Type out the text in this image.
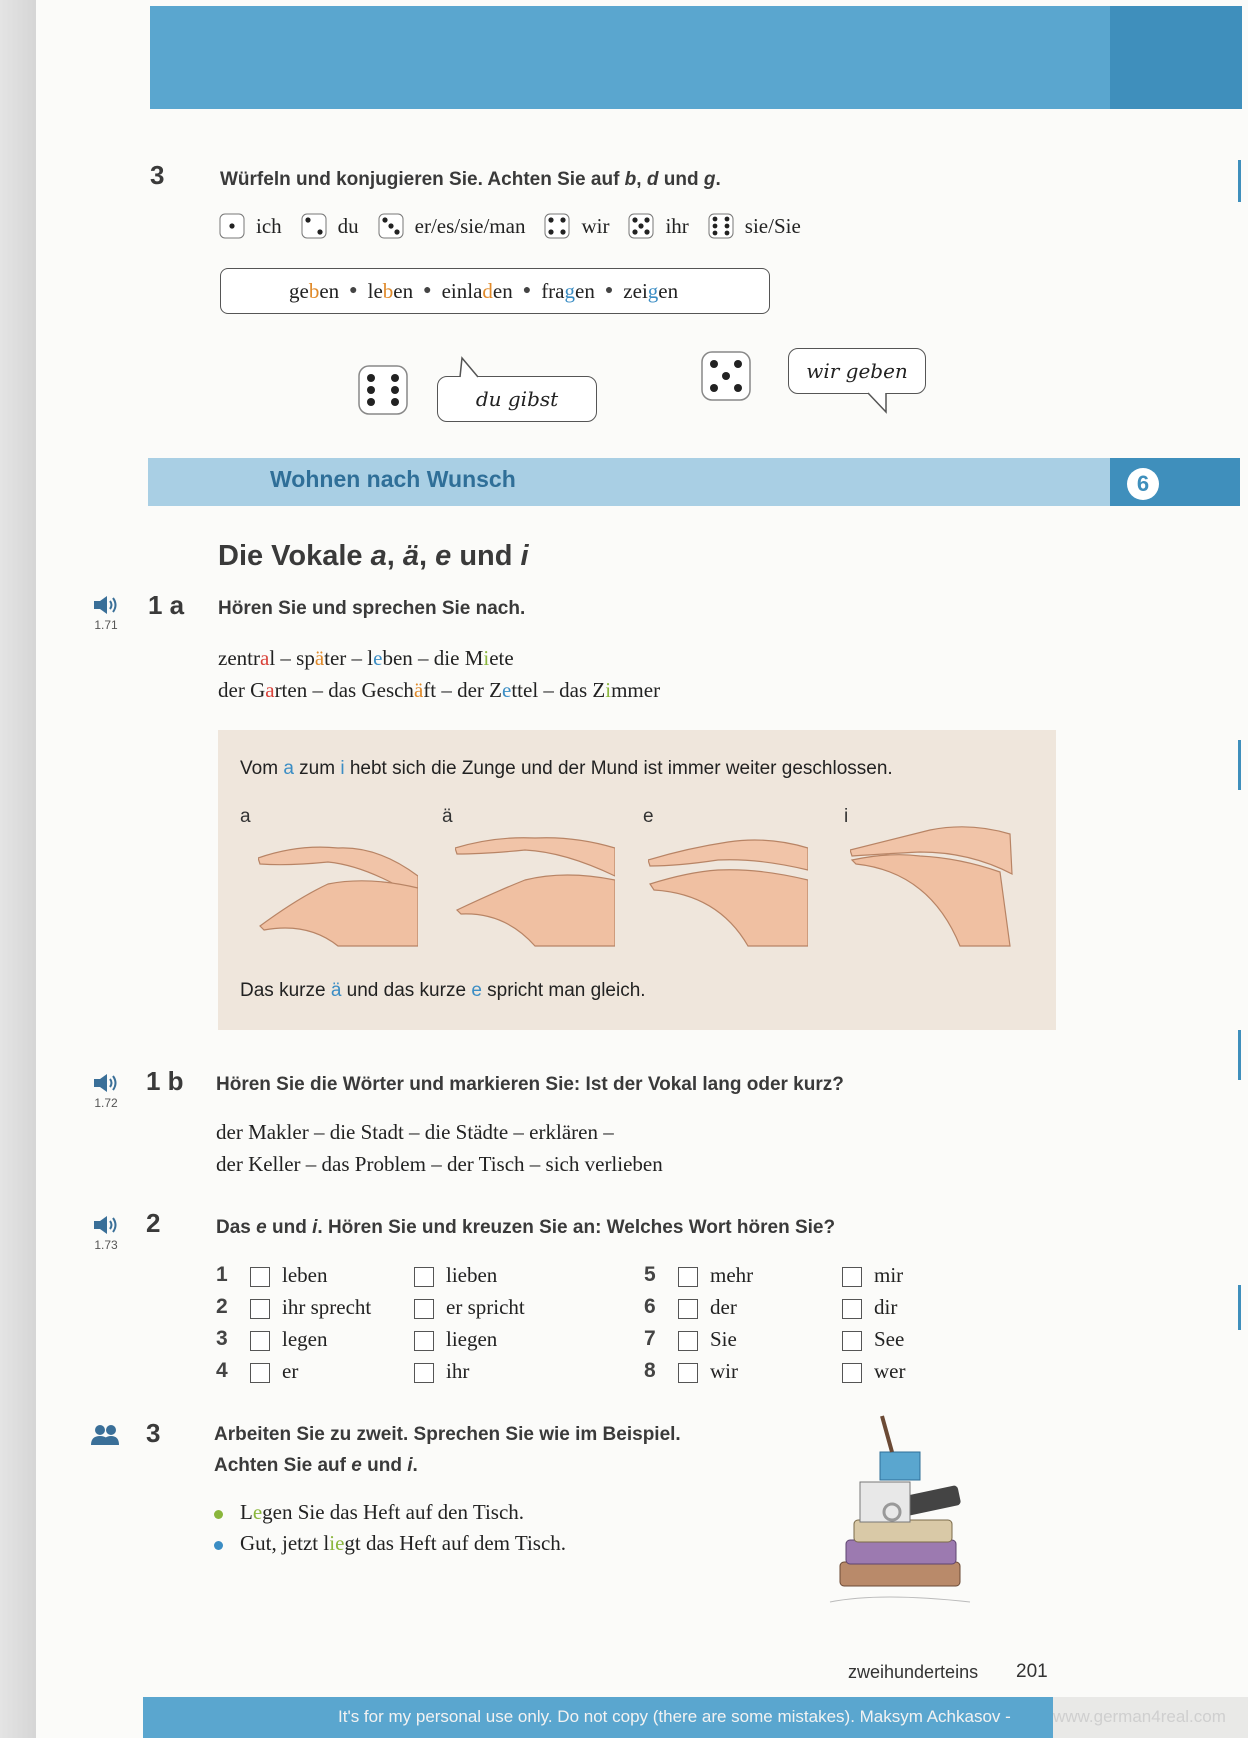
3	Würfeln und konjugieren Sie. Achten Sie auf b, d und g.
ich	du	er/es/sie/man	wir	ihr	sie/Sie
geben ● leben ● einladen ● fragen ● zeigen
du gibst
wir geben
Wohnen nach Wunsch	6
Die Vokale a, ä, e und i
1.71
1 a Hören Sie und sprechen Sie nach.
zentral – später – leben – die Miete
der Garten – das Geschäft – der Zettel – das Zimmer
Vom a zum i hebt sich die Zunge und der Mund ist immer weiter geschlossen.
a	ä	e	i
Das kurze ä und das kurze e spricht man gleich.
1.72
1 b Hören Sie die Wörter und markieren Sie: Ist der Vokal lang oder kurz?
der Makler – die Stadt – die Städte – erklären –
der Keller – das Problem – der Tisch – sich verlieben
1.73
2	Das e und i. Hören Sie und kreuzen Sie an: Welches Wort hören Sie?
1	leben	lieben
2	ihr sprecht	er spricht
3	legen	liegen
4	er	ihr
5	mehr	mir
6	der	dir
7	Sie	See
8	wir	wer
3	Arbeiten Sie zu zweit. Sprechen Sie wie im Beispiel.
Achten Sie auf e und i.
Legen Sie das Heft auf den Tisch.
Gut, jetzt liegt das Heft auf dem Tisch.
zweihunderteins 201
It's for my personal use only. Do not copy (there are some mistakes). Maksym Achkasov - www.german4real.com
